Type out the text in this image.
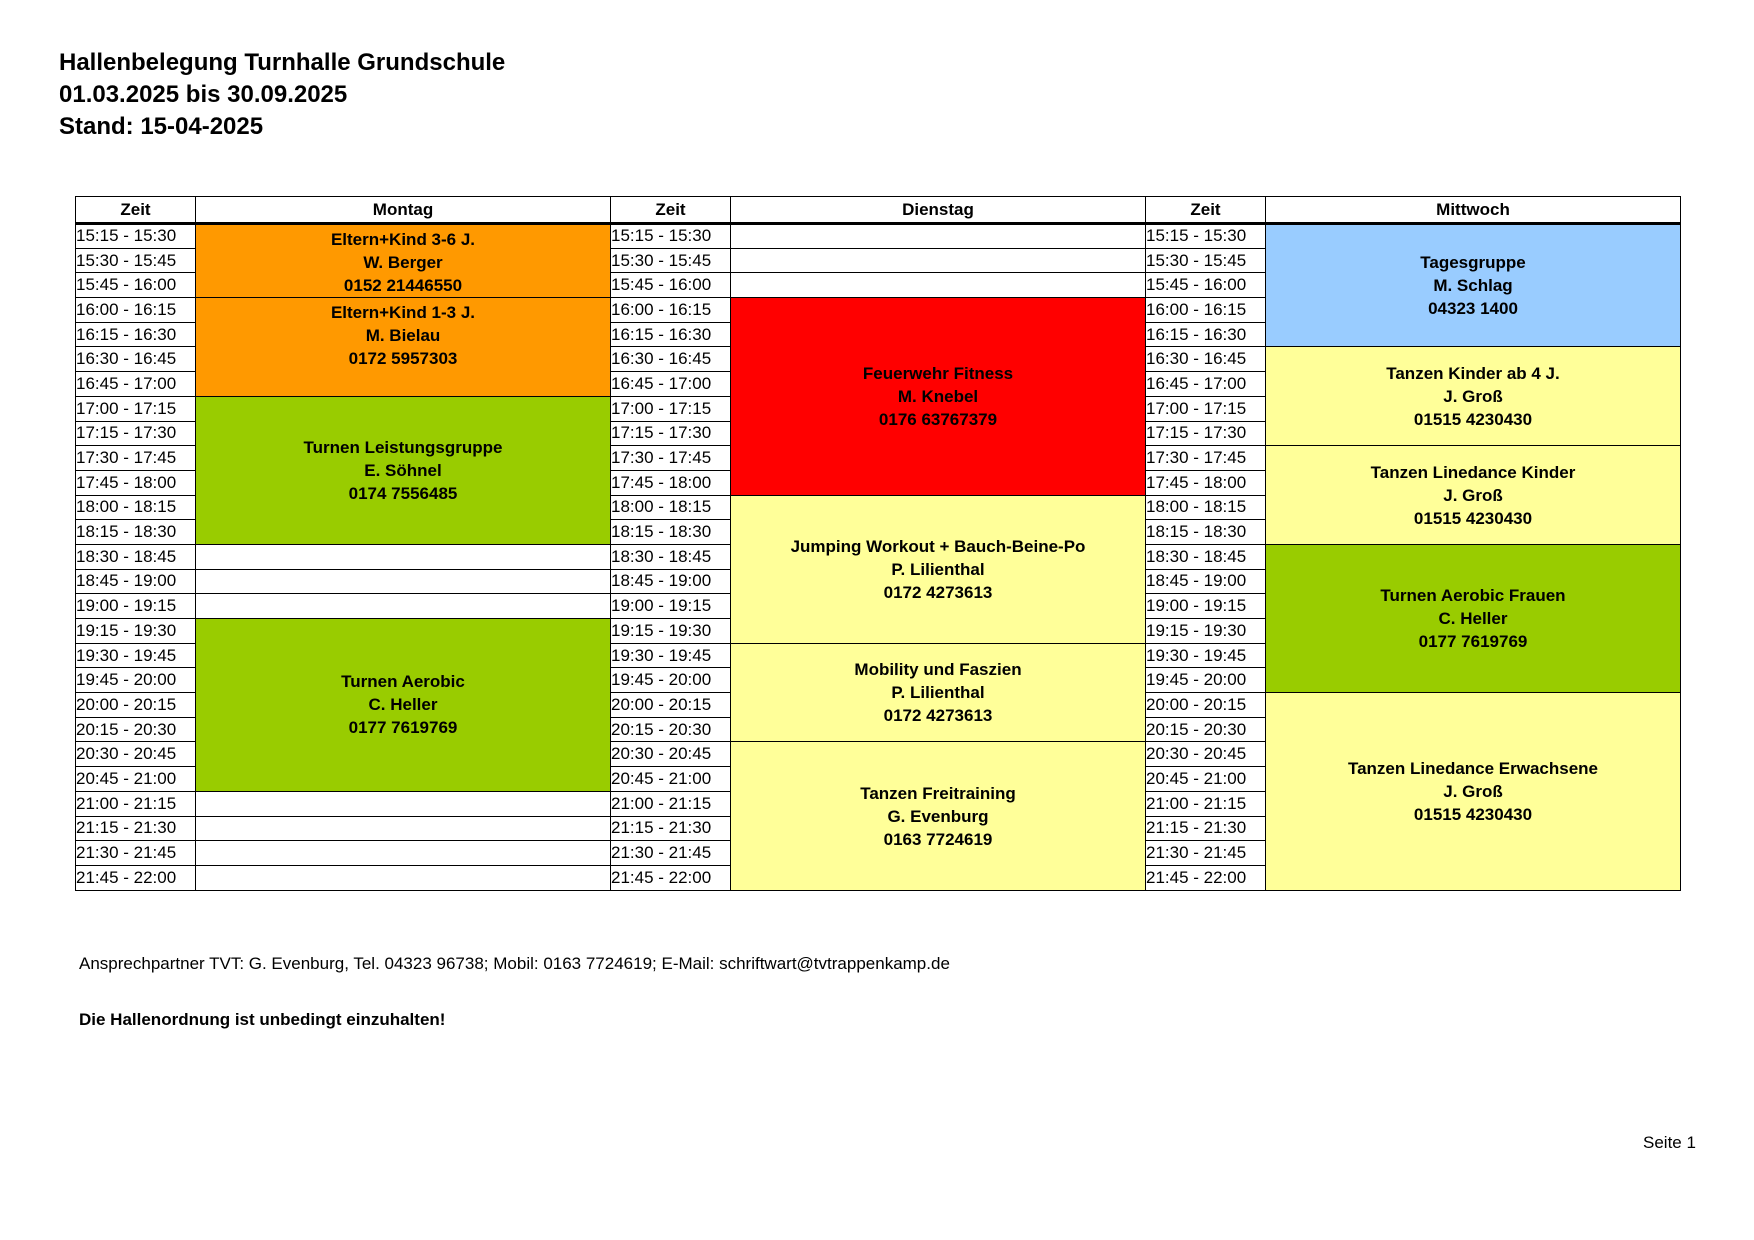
Hallenbelegung Turnhalle Grundschule
01.03.2025 bis 30.09.2025
Stand: 15-04-2025
Zeit	Montag	Zeit	Dienstag	Zeit	Mittwoch
15:15 - 15:30	Eltern+Kind 3-6 J.
W. Berger
0152 21446550	15:15 - 15:30		15:15 - 15:30	Tagesgruppe
M. Schlag
04323 1400

15:30 - 15:45		15:30 - 15:45		15:30 - 15:45	
15:45 - 16:00		15:45 - 16:00		15:45 - 16:00	
16:00 - 16:15	Eltern+Kind 1-3 J.
M. Bielau
0172 5957303	16:00 - 16:15	Feuerwehr Fitness
M. Knebel
0176 63767379	16:00 - 16:15	
16:15 - 16:30		16:15 - 16:30		16:15 - 16:30	
16:30 - 16:45		16:30 - 16:45		16:30 - 16:45	Tanzen Kinder ab 4 J.
J. Groß
01515 4230430

16:45 - 17:00		16:45 - 17:00		16:45 - 17:00	
17:00 - 17:15	Turnen Leistungsgruppe
E. Söhnel
0174 7556485	17:00 - 17:15		17:00 - 17:15	
17:15 - 17:30		17:15 - 17:30		17:15 - 17:30	
17:30 - 17:45		17:30 - 17:45		17:30 - 17:45	Tanzen Linedance Kinder
J. Groß
01515 4230430

17:45 - 18:00		17:45 - 18:00		17:45 - 18:00	
18:00 - 18:15		18:00 - 18:15	Jumping Workout + Bauch-Beine-Po
P. Lilienthal
0172 4273613	18:00 - 18:15	
18:15 - 18:30		18:15 - 18:30		18:15 - 18:30	
18:30 - 18:45		18:30 - 18:45		18:30 - 18:45	Turnen Aerobic Frauen
C. Heller
0177 7619769

18:45 - 19:00		18:45 - 19:00		18:45 - 19:00	
19:00 - 19:15		19:00 - 19:15		19:00 - 19:15	
19:15 - 19:30	Turnen Aerobic
C. Heller
0177 7619769	19:15 - 19:30		19:15 - 19:30	
19:30 - 19:45		19:30 - 19:45	Mobility und Faszien
P. Lilienthal
0172 4273613	19:30 - 19:45	
19:45 - 20:00		19:45 - 20:00		19:45 - 20:00	
20:00 - 20:15		20:00 - 20:15		20:00 - 20:15	Tanzen Linedance Erwachsene
J. Groß
01515 4230430

20:15 - 20:30		20:15 - 20:30		20:15 - 20:30	
20:30 - 20:45		20:30 - 20:45	Tanzen Freitraining
G. Evenburg
0163 7724619	20:30 - 20:45	
20:45 - 21:00		20:45 - 21:00		20:45 - 21:00	
21:00 - 21:15		21:00 - 21:15		21:00 - 21:15	
21:15 - 21:30		21:15 - 21:30		21:15 - 21:30	
21:30 - 21:45		21:30 - 21:45		21:30 - 21:45	
21:45 - 22:00		21:45 - 22:00		21:45 - 22:00	
Ansprechpartner TVT: G. Evenburg, Tel. 04323 96738; Mobil: 0163 7724619; E-Mail: schriftwart@tvtrappenkamp.de
Die Hallenordnung ist unbedingt einzuhalten!
Seite 1
